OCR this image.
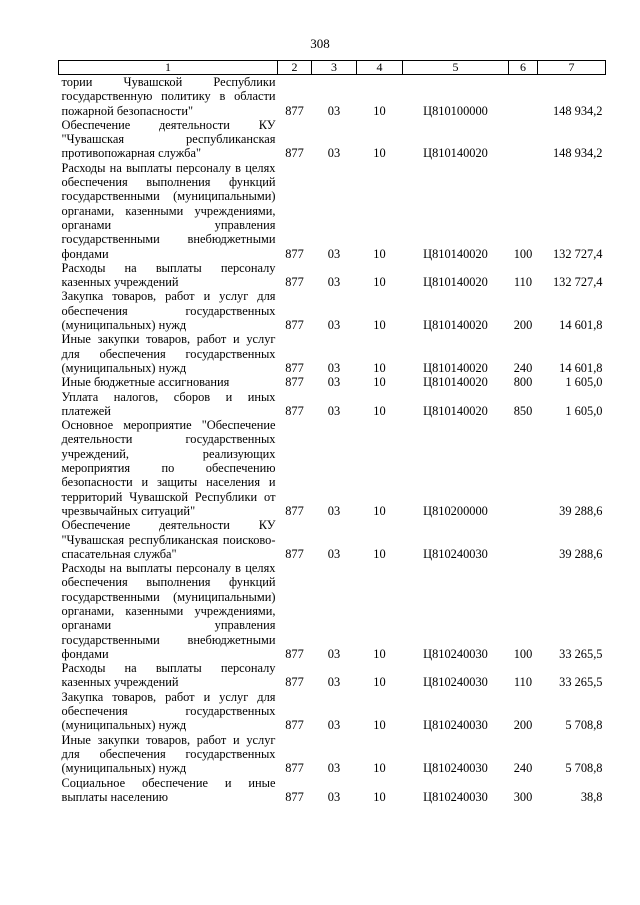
308
1	2	3	4	5	6	7
тории Чувашской Республики государственную политику в области пожарной безопасности"	877	03	10	Ц810100000		148 934,2
Обеспечение деятельности КУ "Чувашская республиканская противопожарная служба"	877	03	10	Ц810140020		148 934,2
Расходы на выплаты персоналу в целях обеспечения выполнения функций государственными (муниципальными) органами, казенными учреждениями, органами управления государственными внебюджетными фондами	877	03	10	Ц810140020	100	132 727,4
Расходы на выплаты персоналу казенных учреждений	877	03	10	Ц810140020	110	132 727,4
Закупка товаров, работ и услуг для обеспечения государственных (муниципальных) нужд	877	03	10	Ц810140020	200	14 601,8
Иные закупки товаров, работ и услуг для обеспечения государственных (муниципальных) нужд	877	03	10	Ц810140020	240	14 601,8
Иные бюджетные ассигнования	877	03	10	Ц810140020	800	1 605,0
Уплата налогов, сборов и иных платежей	877	03	10	Ц810140020	850	1 605,0
Основное мероприятие "Обеспечение деятельности государственных учреждений, реализующих мероприятия по обеспечению безопасности и защиты населения и территорий Чувашской Республики от чрезвычайных ситуаций"	877	03	10	Ц810200000		39 288,6
Обеспечение деятельности КУ "Чувашская республиканская поисково-спасательная служба"	877	03	10	Ц810240030		39 288,6
Расходы на выплаты персоналу в целях обеспечения выполнения функций государственными (муниципальными) органами, казенными учреждениями, органами управления государственными внебюджетными фондами	877	03	10	Ц810240030	100	33 265,5
Расходы на выплаты персоналу казенных учреждений	877	03	10	Ц810240030	110	33 265,5
Закупка товаров, работ и услуг для обеспечения государственных (муниципальных) нужд	877	03	10	Ц810240030	200	5 708,8
Иные закупки товаров, работ и услуг для обеспечения государственных (муниципальных) нужд	877	03	10	Ц810240030	240	5 708,8
Социальное обеспечение и иные выплаты населению	877	03	10	Ц810240030	300	38,8
